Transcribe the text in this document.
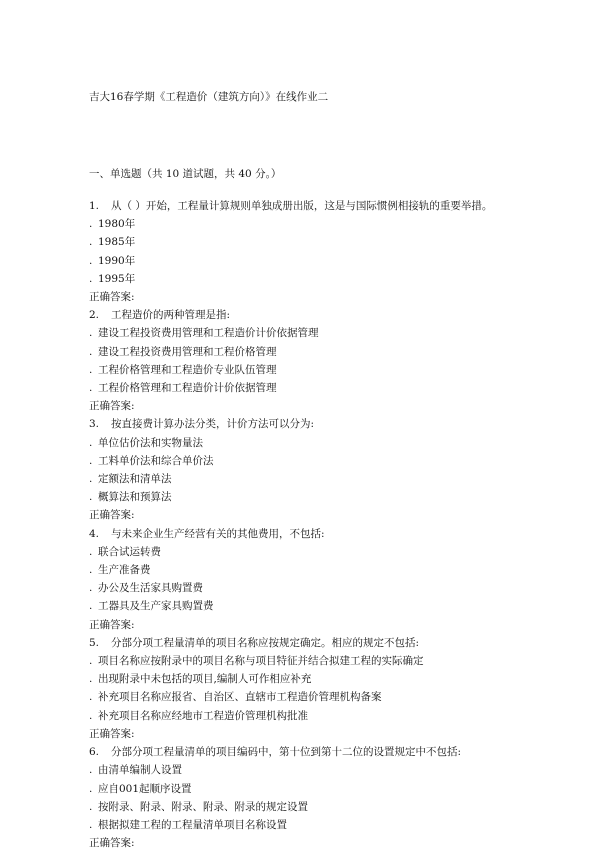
吉大16春学期《工程造价（建筑方向）》在线作业二
一、单选题（共 10 道试题，共 40 分。）
1. 从（ ）开始，工程量计算规则单独成册出版，这是与国际惯例相接轨的重要举措。
. 1980年
. 1985年
. 1990年
. 1995年
正确答案:
2. 工程造价的两种管理是指:
. 建设工程投资费用管理和工程造价计价依据管理
. 建设工程投资费用管理和工程价格管理
. 工程价格管理和工程造价专业队伍管理
. 工程价格管理和工程造价计价依据管理
正确答案:
3. 按直接费计算办法分类，计价方法可以分为:
. 单位估价法和实物量法
. 工料单价法和综合单价法
. 定额法和清单法
. 概算法和预算法
正确答案:
4. 与未来企业生产经营有关的其他费用，不包括:
. 联合试运转费
. 生产准备费
. 办公及生活家具购置费
. 工器具及生产家具购置费
正确答案:
5. 分部分项工程量清单的项目名称应按规定确定。相应的规定不包括:
. 项目名称应按附录中的项目名称与项目特征并结合拟建工程的实际确定
. 出现附录中未包括的项目,编制人可作相应补充
. 补充项目名称应报省、自治区、直辖市工程造价管理机构备案
. 补充项目名称应经地市工程造价管理机构批准
正确答案:
6. 分部分项工程量清单的项目编码中，第十位到第十二位的设置规定中不包括:
. 由清单编制人设置
. 应自001起顺序设置
. 按附录、附录、附录、附录、附录的规定设置
. 根据拟建工程的工程量清单项目名称设置
正确答案:
